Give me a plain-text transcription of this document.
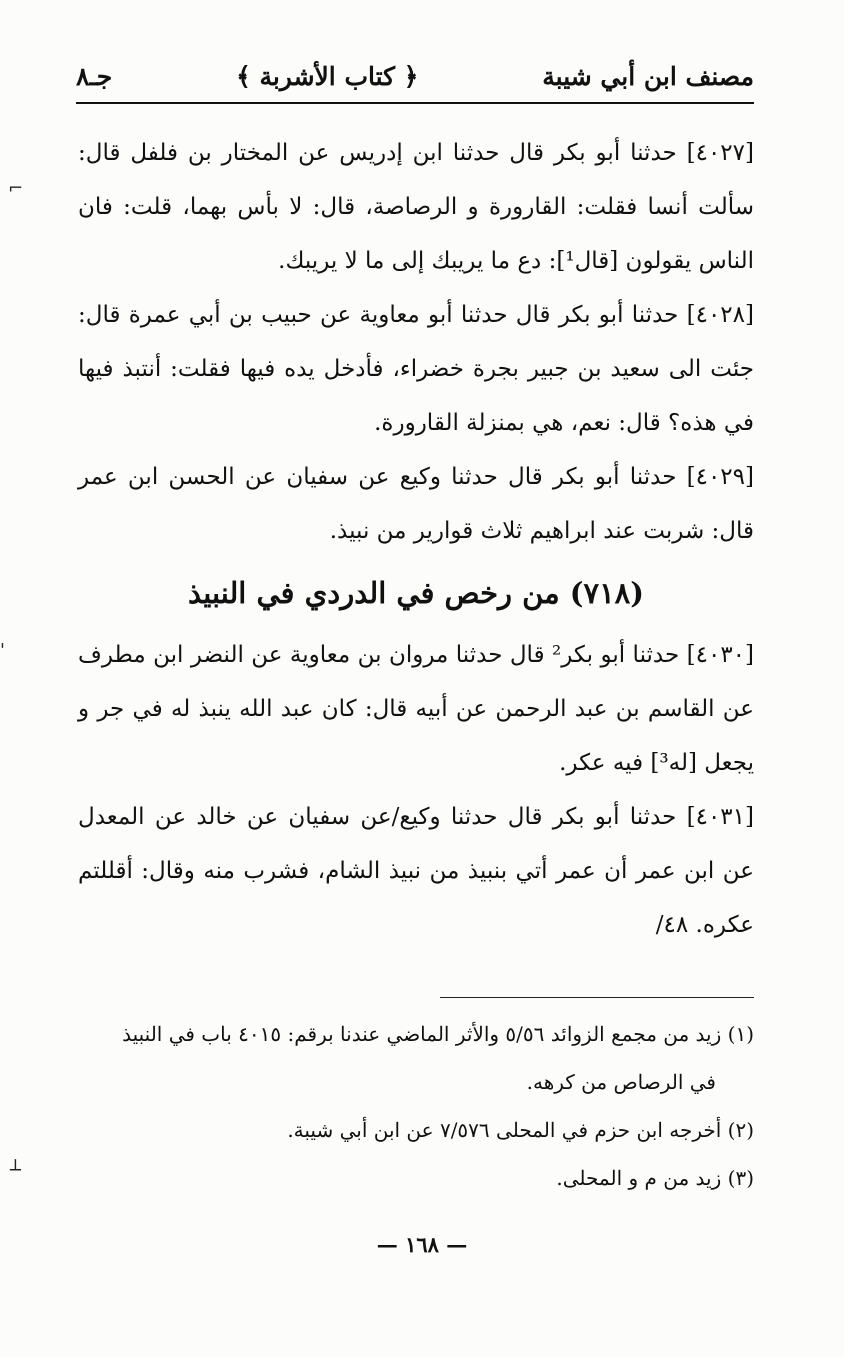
مصنف ابن أبي شيبة
﴿ كتاب الأشربة ﴾
جـ٨

[٤٠٢٧] حدثنا أبو بكر قال حدثنا ابن إدريس عن المختار بن فلفل قال: سألت أنسا فقلت: القارورة و الرصاصة، قال: لا بأس بهما، قلت: فان الناس يقولون [قال¹]: دع ما يريبك إلى ما لا يريبك.

[٤٠٢٨] حدثنا أبو بكر قال حدثنا أبو معاوية عن حبيب بن أبي عمرة قال: جئت الى سعيد بن جبير بجرة خضراء، فأدخل يده فيها فقلت: أنتبذ فيها في هذه؟ قال: نعم، هي بمنزلة القارورة.

[٤٠٢٩] حدثنا أبو بكر قال حدثنا وكيع عن سفيان عن الحسن ابن عمر قال: شربت عند ابراهيم ثلاث قوارير من نبيذ.

(٧١٨) من رخص في الدردي في النبيذ

[٤٠٣٠] حدثنا أبو بكر² قال حدثنا مروان بن معاوية عن النضر ابن مطرف عن القاسم بن عبد الرحمن عن أبيه قال: كان عبد الله ينبذ له في جر و يجعل [له³] فيه عكر.

[٤٠٣١] حدثنا أبو بكر قال حدثنا وكيع/عن سفيان عن خالد عن المعدل عن ابن عمر أن عمر أتي بنبيذ من نبيذ الشام، فشرب منه وقال: أقللتم عكره. ٤٨/

(١) زيد من مجمع الزوائد ٥/٥٦ والأثر الماضي عندنا برقم: ٤٠١٥ باب في النبيذ

في الرصاص من كرهه.

(٢) أخرجه ابن حزم في المحلى ٧/٥٧٦ عن ابن أبي شيبة.

(٣) زيد من م و المحلى.

— ١٦٨ —
⌐
'
┴
